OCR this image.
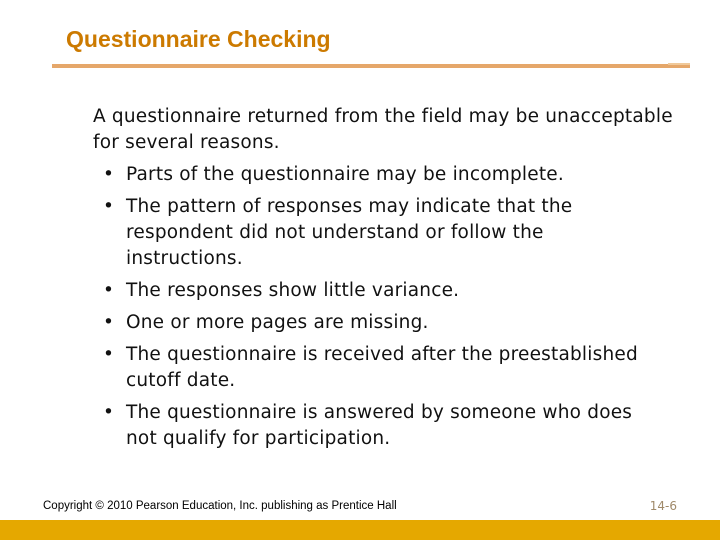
Questionnaire Checking

A questionnaire returned from the field may be unacceptable for several reasons.

• Parts of the questionnaire may be incomplete.
• The pattern of responses may indicate that the respondent did not understand or follow the instructions.
• The responses show little variance.
• One or more pages are missing.
• The questionnaire is received after the preestablished cutoff date.
• The questionnaire is answered by someone who does not qualify for participation.
Copyright © 2010 Pearson Education, Inc. publishing as Prentice Hall	14-6
